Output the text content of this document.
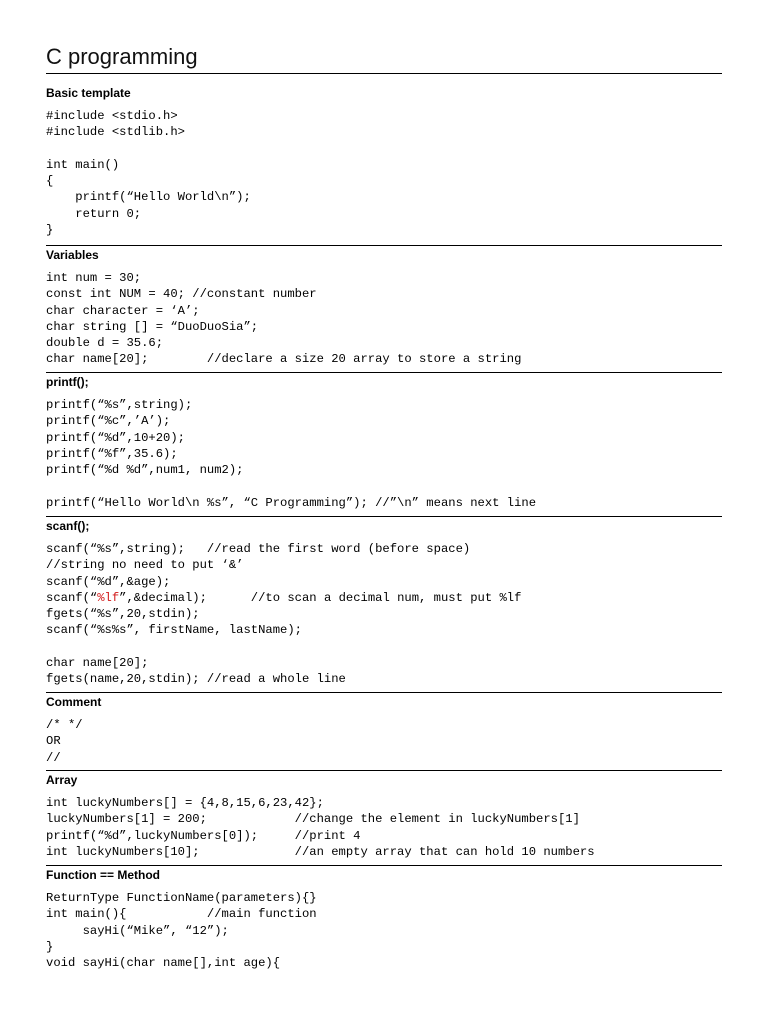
C programming
Basic template
#include <stdio.h>
#include <stdlib.h>
int main()
{
printf(“Hello World\n”);
return 0;
}
Variables
int num = 30;
const int NUM = 40; //constant number
char character = ‘A’;
char string [] = “DuoDuoSia”;
double d = 35.6;
char name[20];        //declare a size 20 array to store a string
printf();
printf(“%s”,string);
printf(“%c”,’A’);
printf(“%d”,10+20);
printf(“%f”,35.6);
printf(“%d %d”,num1, num2);
printf(“Hello World\n %s”, “C Programming”); //”\n” means next line
scanf();
scanf(“%s”,string);   //read the first word (before space)
//string no need to put ‘&’
scanf(“%d”,&age);
scanf(“%lf”,&decimal);      //to scan a decimal num, must put %lf
fgets(“%s”,20,stdin);
scanf(“%s%s”, firstName, lastName);
char name[20];
fgets(name,20,stdin); //read a whole line
Comment
/* */
OR
//
Array
int luckyNumbers[] = {4,8,15,6,23,42};
luckyNumbers[1] = 200;            //change the element in luckyNumbers[1]
printf(“%d”,luckyNumbers[0]);     //print 4
int luckyNumbers[10];             //an empty array that can hold 10 numbers
Function == Method
ReturnType FunctionName(parameters){}
int main(){           //main function
sayHi(“Mike”, “12”);
}
void sayHi(char name[],int age){
